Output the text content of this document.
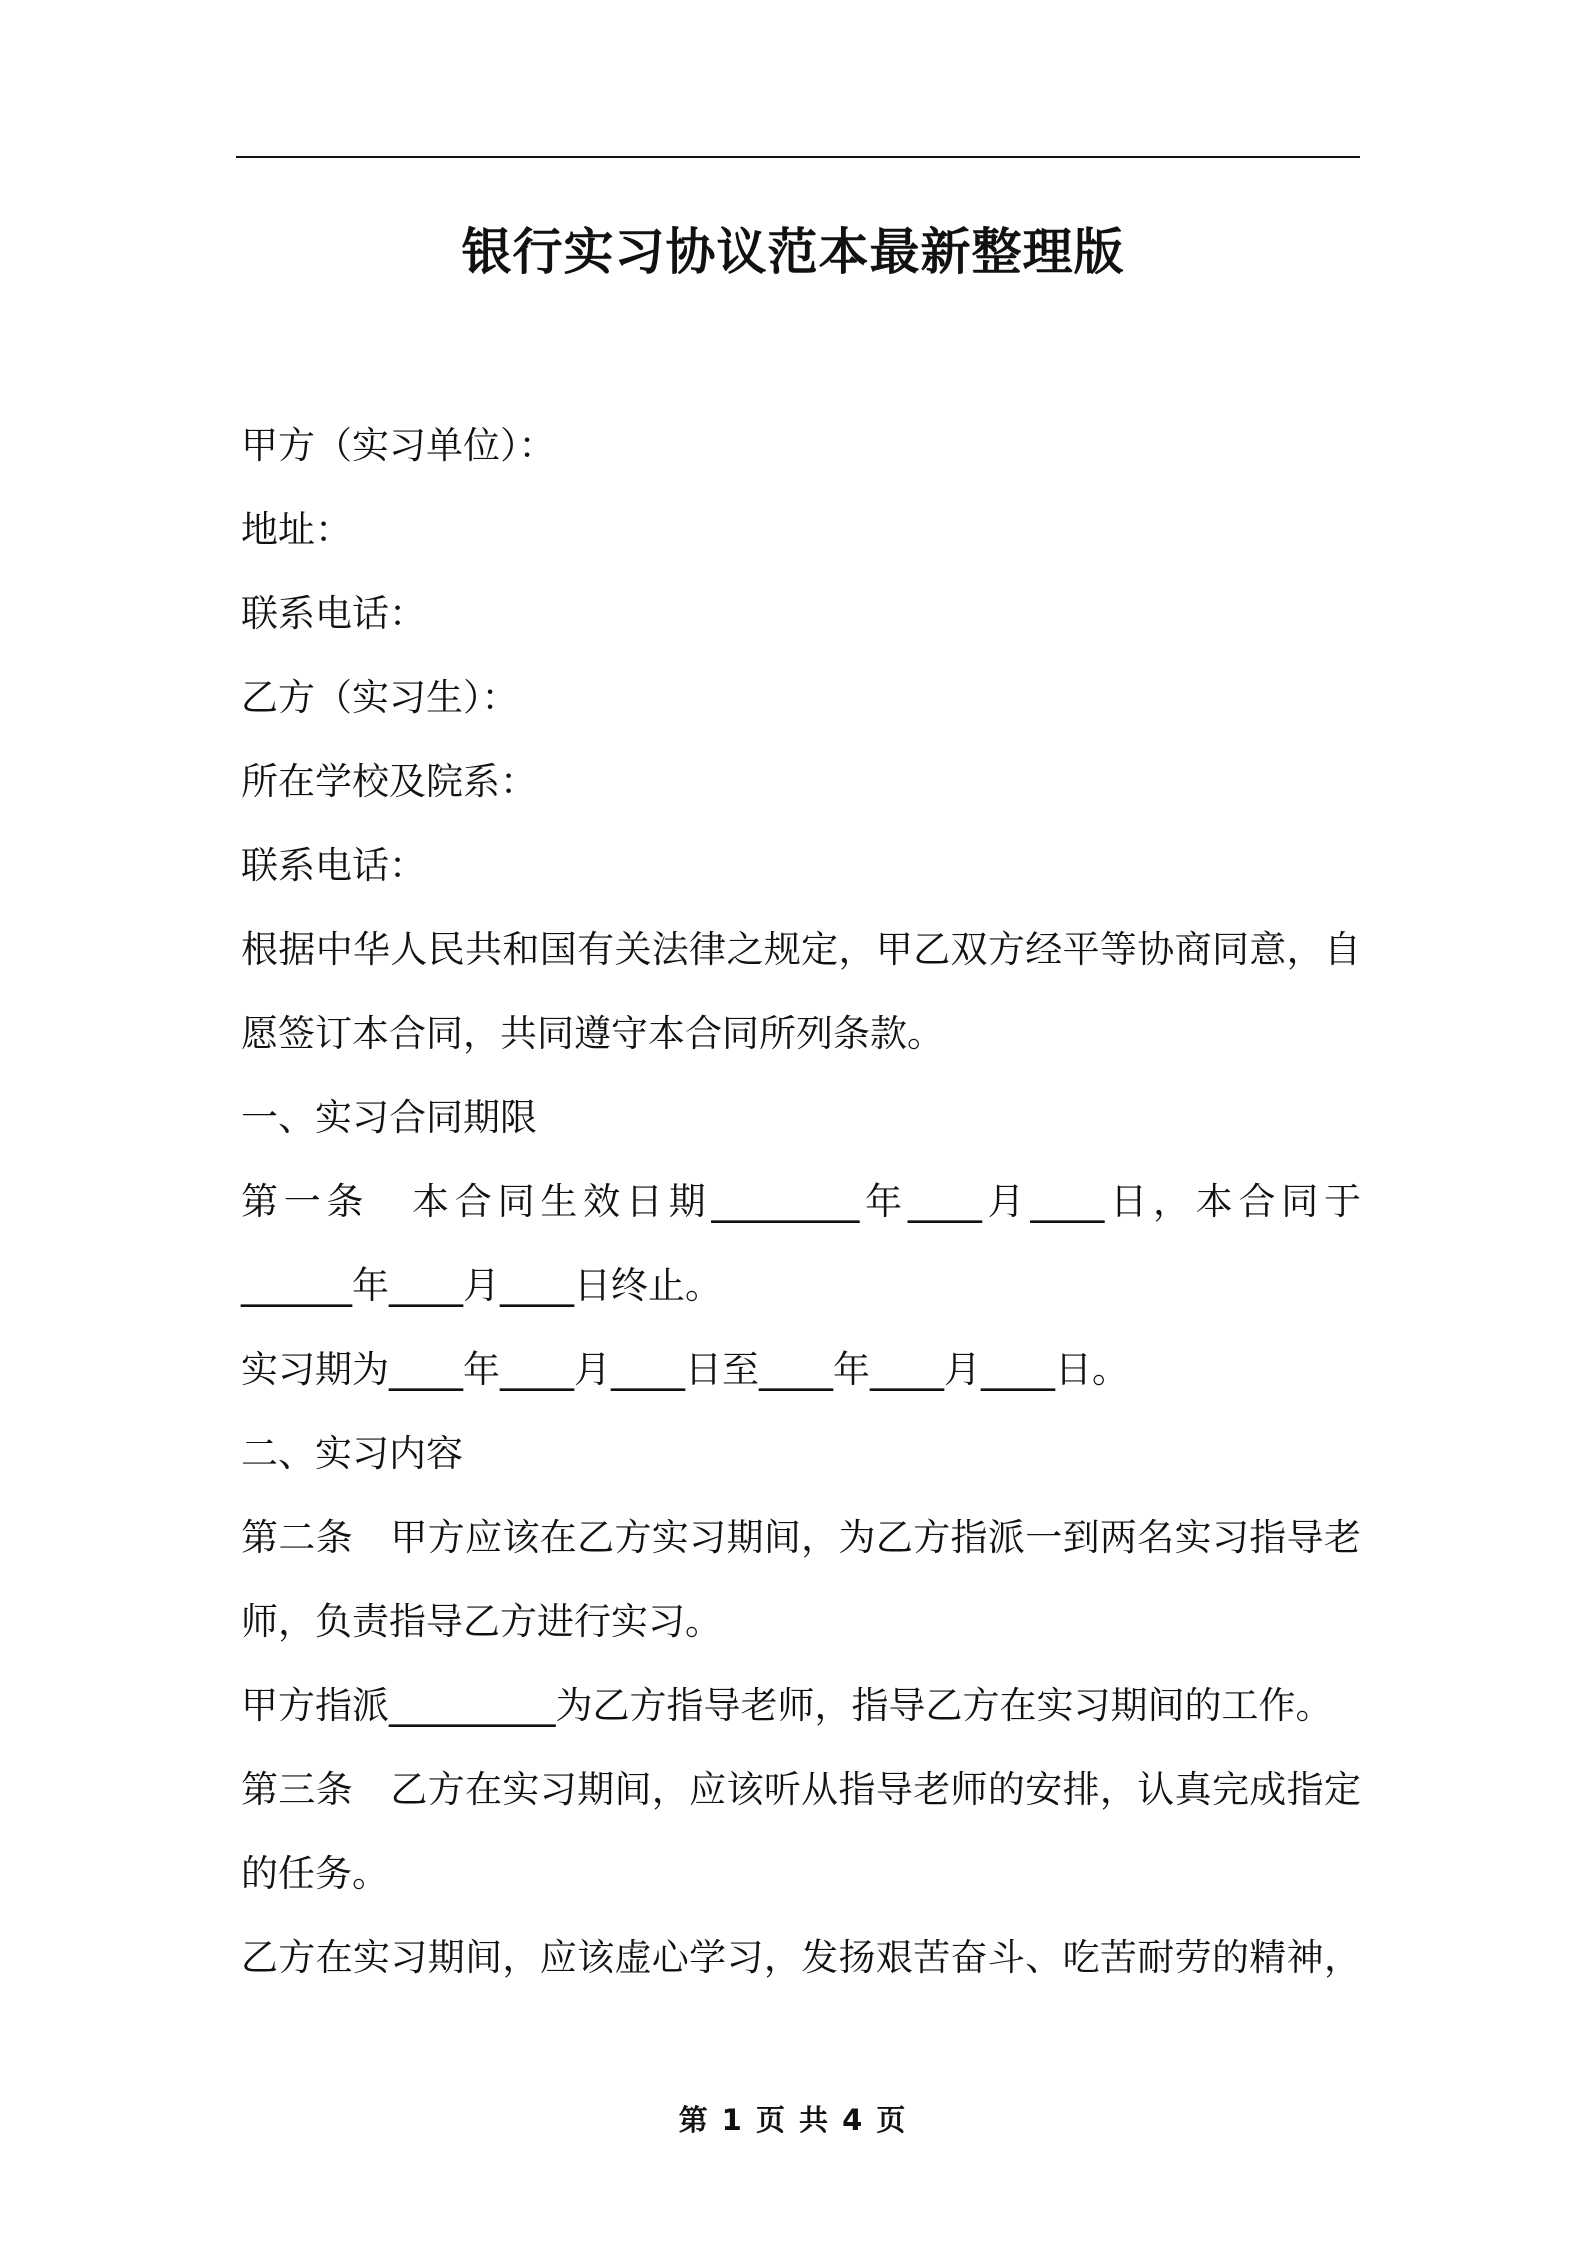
银行实习协议范本最新整理版
甲方（实习单位）：
地址：
联系电话：
乙方（实习生）：
所在学校及院系：
联系电话：
根据中华人民共和国有关法律之规定，甲乙双方经平等协商同意，自
愿签订本合同，共同遵守本合同所列条款。
一、实习合同期限
第一条　本合同生效日期________年____月____日，本合同于
______年____月____日终止。
实习期为____年____月____日至____年____月____日。
二、实习内容
第二条　甲方应该在乙方实习期间，为乙方指派一到两名实习指导老
师，负责指导乙方进行实习。
甲方指派_________为乙方指导老师，指导乙方在实习期间的工作。
第三条　乙方在实习期间，应该听从指导老师的安排，认真完成指定
的任务。
乙方在实习期间，应该虚心学习，发扬艰苦奋斗、吃苦耐劳的精神，
第 1 页 共 4 页
